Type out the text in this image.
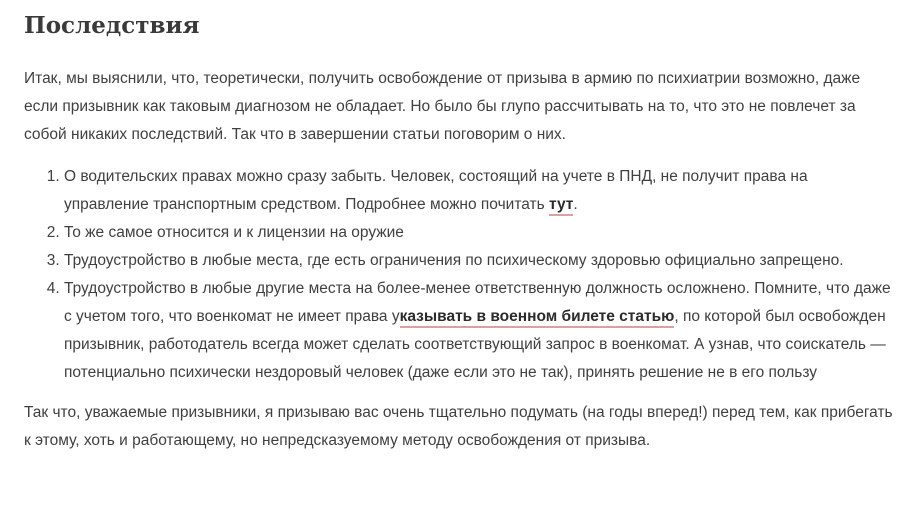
Последствия

Итак, мы выяснили, что, теоретически, получить освобождение от призыва в армию по психиатрии возможно, даже если призывник как таковым диагнозом не обладает. Но было бы глупо рассчитывать на то, что это не повлечет за собой никаких последствий. Так что в завершении статьи поговорим о них.

1. О водительских правах можно сразу забыть. Человек, состоящий на учете в ПНД, не получит права на управление транспортным средством. Подробнее можно почитать тут.
2. То же самое относится и к лицензии на оружие
3. Трудоустройство в любые места, где есть ограничения по психическому здоровью официально запрещено.
4. Трудоустройство в любые другие места на более-менее ответственную должность осложнено. Помните, что даже с учетом того, что военкомат не имеет права указывать в военном билете статью, по которой был освобожден призывник, работодатель всегда может сделать соответствующий запрос в военкомат. А узнав, что соискатель — потенциально психически нездоровый человек (даже если это не так), принять решение не в его пользу

Так что, уважаемые призывники, я призываю вас очень тщательно подумать (на годы вперед!) перед тем, как прибегать к этому, хоть и работающему, но непредсказуемому методу освобождения от призыва.
